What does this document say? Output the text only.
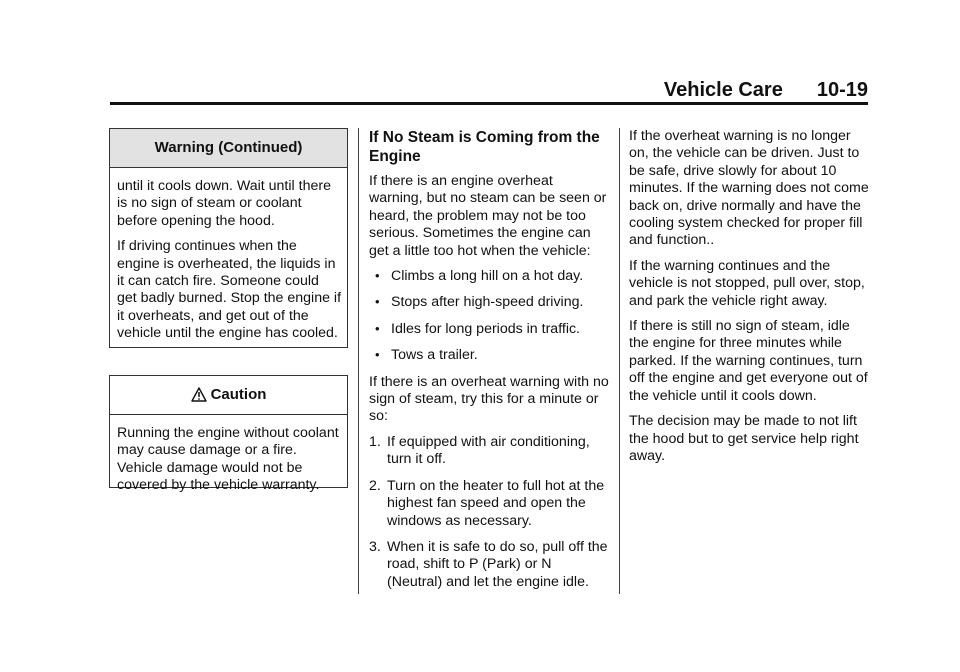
Vehicle Care 10-19
Warning (Continued)

until it cools down. Wait until there is no sign of steam or coolant before opening the hood.

If driving continues when the engine is overheated, the liquids in it can catch fire. Someone could get badly burned. Stop the engine if it overheats, and get out of the vehicle until the engine has cooled.

Caution

Running the engine without coolant may cause damage or a fire. Vehicle damage would not be covered by the vehicle warranty.

If No Steam is Coming from the Engine

If there is an engine overheat warning, but no steam can be seen or heard, the problem may not be too serious. Sometimes the engine can get a little too hot when the vehicle:

• Climbs a long hill on a hot day.
• Stops after high-speed driving.
• Idles for long periods in traffic.
• Tows a trailer.

If there is an overheat warning with no sign of steam, try this for a minute or so:

1. If equipped with air conditioning, turn it off.
2. Turn on the heater to full hot at the highest fan speed and open the windows as necessary.
3. When it is safe to do so, pull off the road, shift to P (Park) or N (Neutral) and let the engine idle.

If the overheat warning is no longer on, the vehicle can be driven. Just to be safe, drive slowly for about 10 minutes. If the warning does not come back on, drive normally and have the cooling system checked for proper fill and function..

If the warning continues and the vehicle is not stopped, pull over, stop, and park the vehicle right away.

If there is still no sign of steam, idle the engine for three minutes while parked. If the warning continues, turn off the engine and get everyone out of the vehicle until it cools down.

The decision may be made to not lift the hood but to get service help right away.
